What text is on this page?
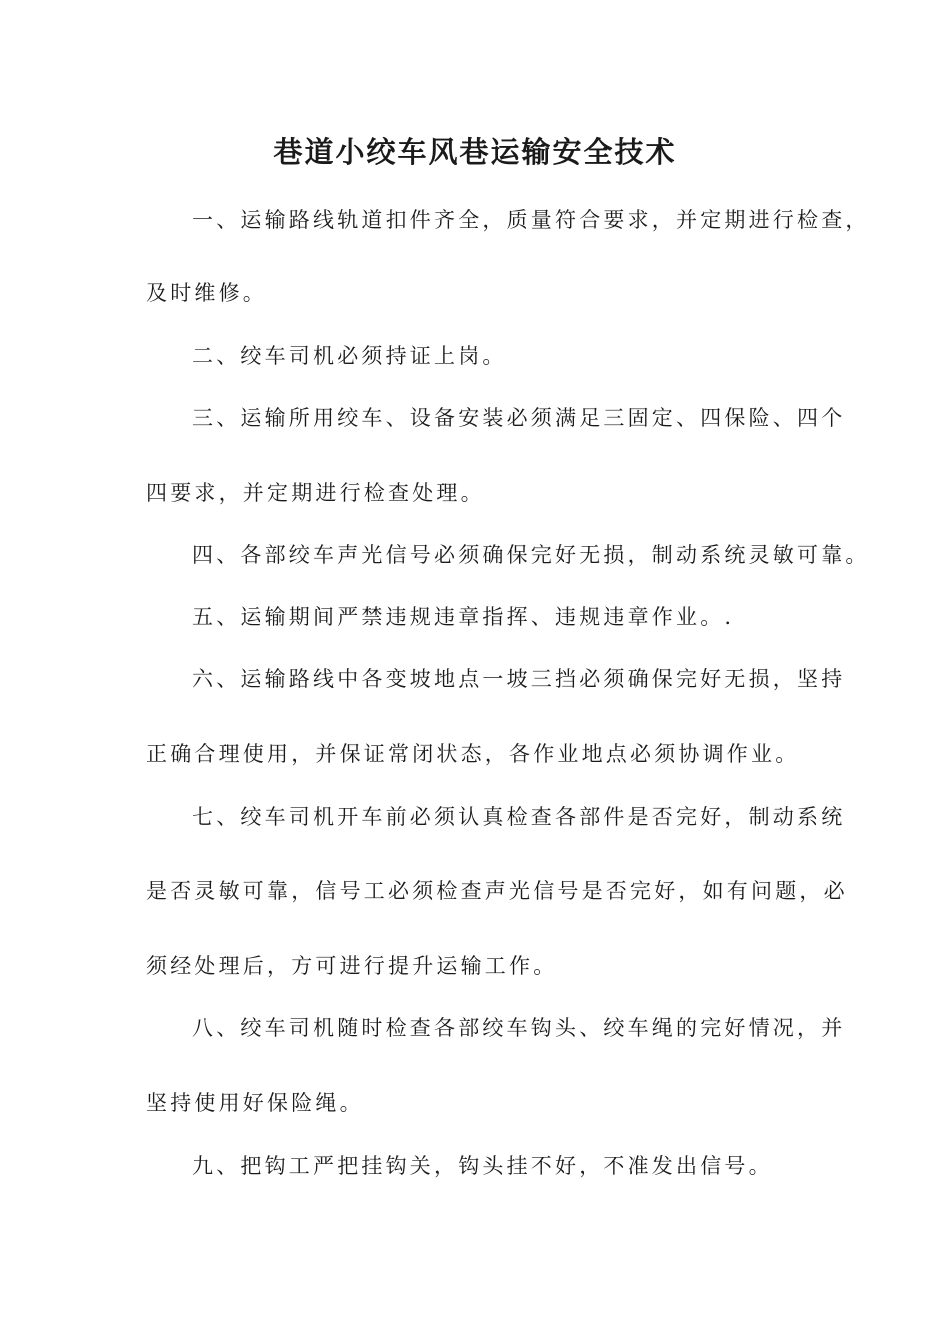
巷道小绞车风巷运输安全技术

一、运输路线轨道扣件齐全，质量符合要求，并定期进行检查，

及时维修。

二、绞车司机必须持证上岗。

三、运输所用绞车、设备安装必须满足三固定、四保险、四个

四要求，并定期进行检查处理。

四、各部绞车声光信号必须确保完好无损，制动系统灵敏可靠。

五、运输期间严禁违规违章指挥、违规违章作业。.

六、运输路线中各变坡地点一坡三挡必须确保完好无损，坚持

正确合理使用，并保证常闭状态，各作业地点必须协调作业。

七、绞车司机开车前必须认真检查各部件是否完好，制动系统

是否灵敏可靠，信号工必须检查声光信号是否完好，如有问题，必

须经处理后，方可进行提升运输工作。

八、绞车司机随时检查各部绞车钩头、绞车绳的完好情况，并

坚持使用好保险绳。

九、把钩工严把挂钩关，钩头挂不好，不准发出信号。
